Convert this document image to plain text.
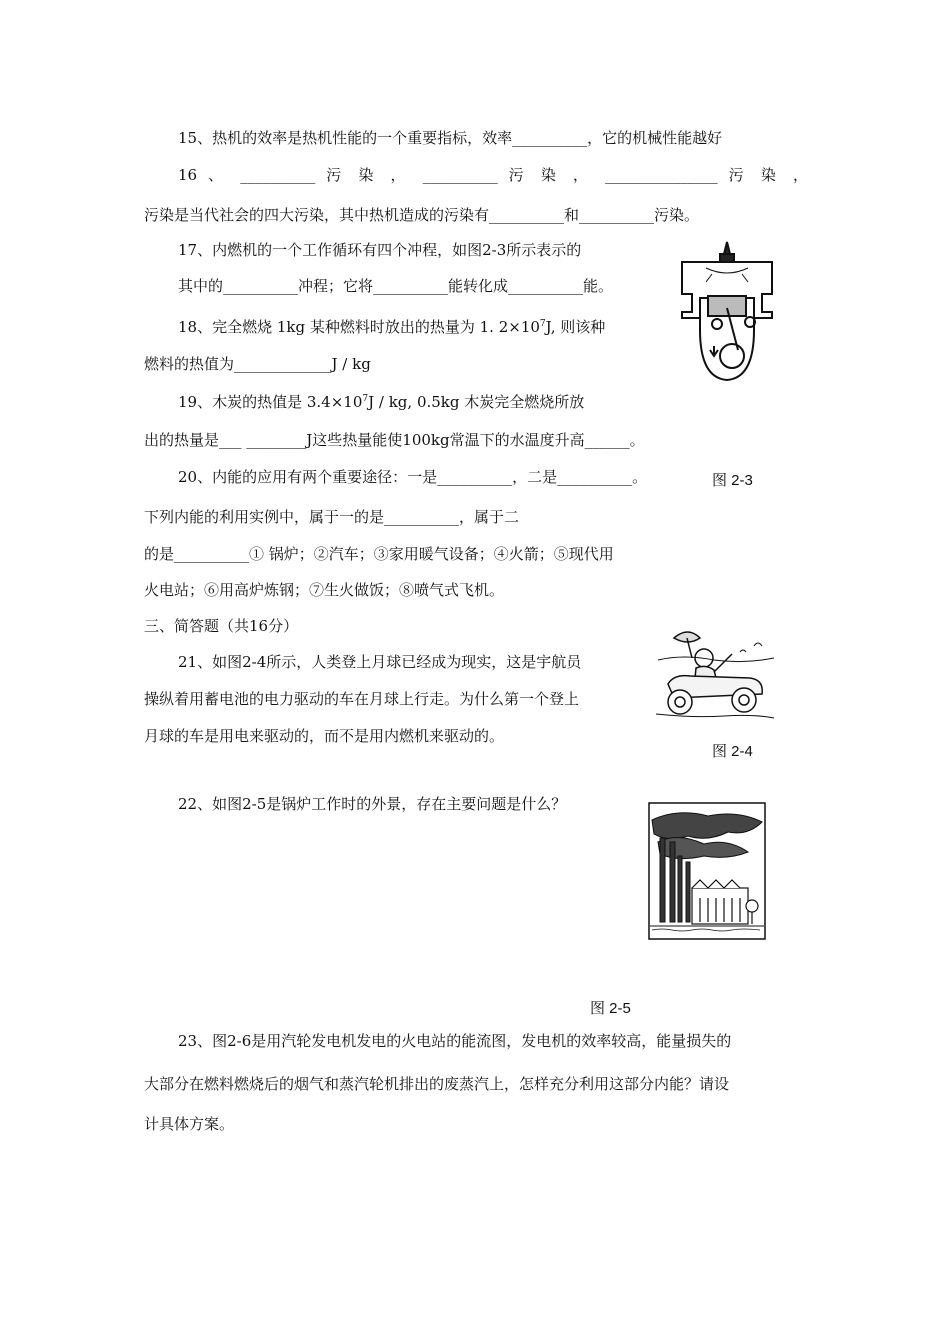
15、热机的效率是热机性能的一个重要指标，效率__________，它的机械性能越好
16 、 __________ 污 染 ， __________ 污 染 ， _______________ 污 染 ，
污染是当代社会的四大污染，其中热机造成的污染有__________和__________污染。
17、内燃机的一个工作循环有四个冲程，如图2-3所示表示的
其中的__________冲程；它将__________能转化成__________能。
18、完全燃烧 1kg 某种燃料时放出的热量为 1. $2\times 10^7J$, 则该种
燃料的热值为_____________J / kg
19、木炭的热值是 $3.4\times 10^7J$ / kg, 0.5kg 木炭完全燃烧所放
出的热量是___ ________J这些热量能使100kg常温下的水温度升高______。
20、内能的应用有两个重要途径：一是__________，二是__________。
下列内能的利用实例中，属于一的是__________，属于二
的是__________① 锅炉；②汽车；③家用暖气设备；④火箭；⑤现代用
火电站；⑥用高炉炼钢；⑦生火做饭；⑧喷气式飞机。
三、简答题（共16分）
21、如图2-4所示，人类登上月球已经成为现实，这是宇航员
操纵着用蓄电池的电力驱动的车在月球上行走。为什么第一个登上
月球的车是用电来驱动的，而不是用内燃机来驱动的。
22、如图2-5是锅炉工作时的外景，存在主要问题是什么？
23、图2-6是用汽轮发电机发电的火电站的能流图，发电机的效率较高，能量损失的
大部分在燃料燃烧后的烟气和蒸汽轮机排出的废蒸汽上，怎样充分利用这部分内能？请设
计具体方案。
图 2-3
图 2-4
图 2-5
